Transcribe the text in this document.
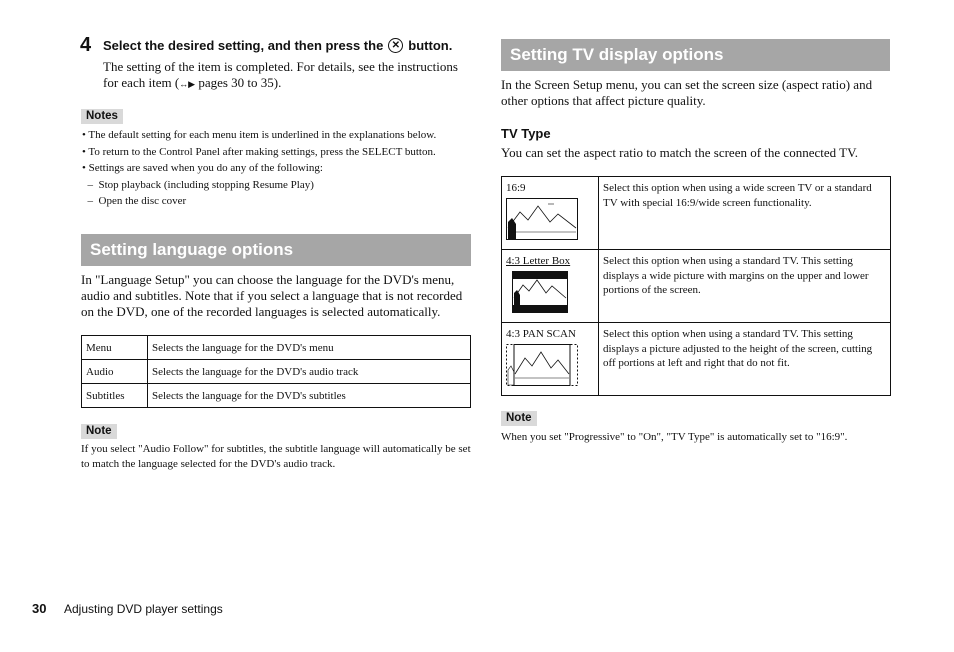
4 Select the desired setting, and then press the ✕ button.
The setting of the item is completed. For details, see the instructions
for each item (↔▶ pages 30 to 35).
Notes
• The default setting for each menu item is underlined in the explanations below.
• To return to the Control Panel after making settings, press the SELECT button.
• Settings are saved when you do any of the following:
–  Stop playback (including stopping Resume Play)
–  Open the disc cover
Setting language options
In "Language Setup" you can choose the language for the DVD's menu, audio and subtitles. Note that if you select a language that is not recorded on the DVD, one of the recorded languages is selected automatically.
Menu	Selects the language for the DVD's menu
Audio	Selects the language for the DVD's audio track
Subtitles	Selects the language for the DVD's subtitles
Note
If you select "Audio Follow" for subtitles, the subtitle language will automatically be set to match the language selected for the DVD's audio track.
Setting TV display options
In the Screen Setup menu, you can set the screen size (aspect ratio) and other options that affect picture quality.
TV Type
You can set the aspect ratio to match the screen of the connected TV.
16:9	Select this option when using a wide screen TV or a standard TV with special 16:9/wide screen functionality.

4:3 Letter Box	Select this option when using a standard TV. This setting displays a wide picture with margins on the upper and lower portions of the screen.

4:3 PAN SCAN	Select this option when using a standard TV. This setting displays a picture adjusted to the height of the screen, cutting off portions at left and right that do not fit.
Note
When you set "Progressive" to "On", "TV Type" is automatically set to "16:9".
30 Adjusting DVD player settings
